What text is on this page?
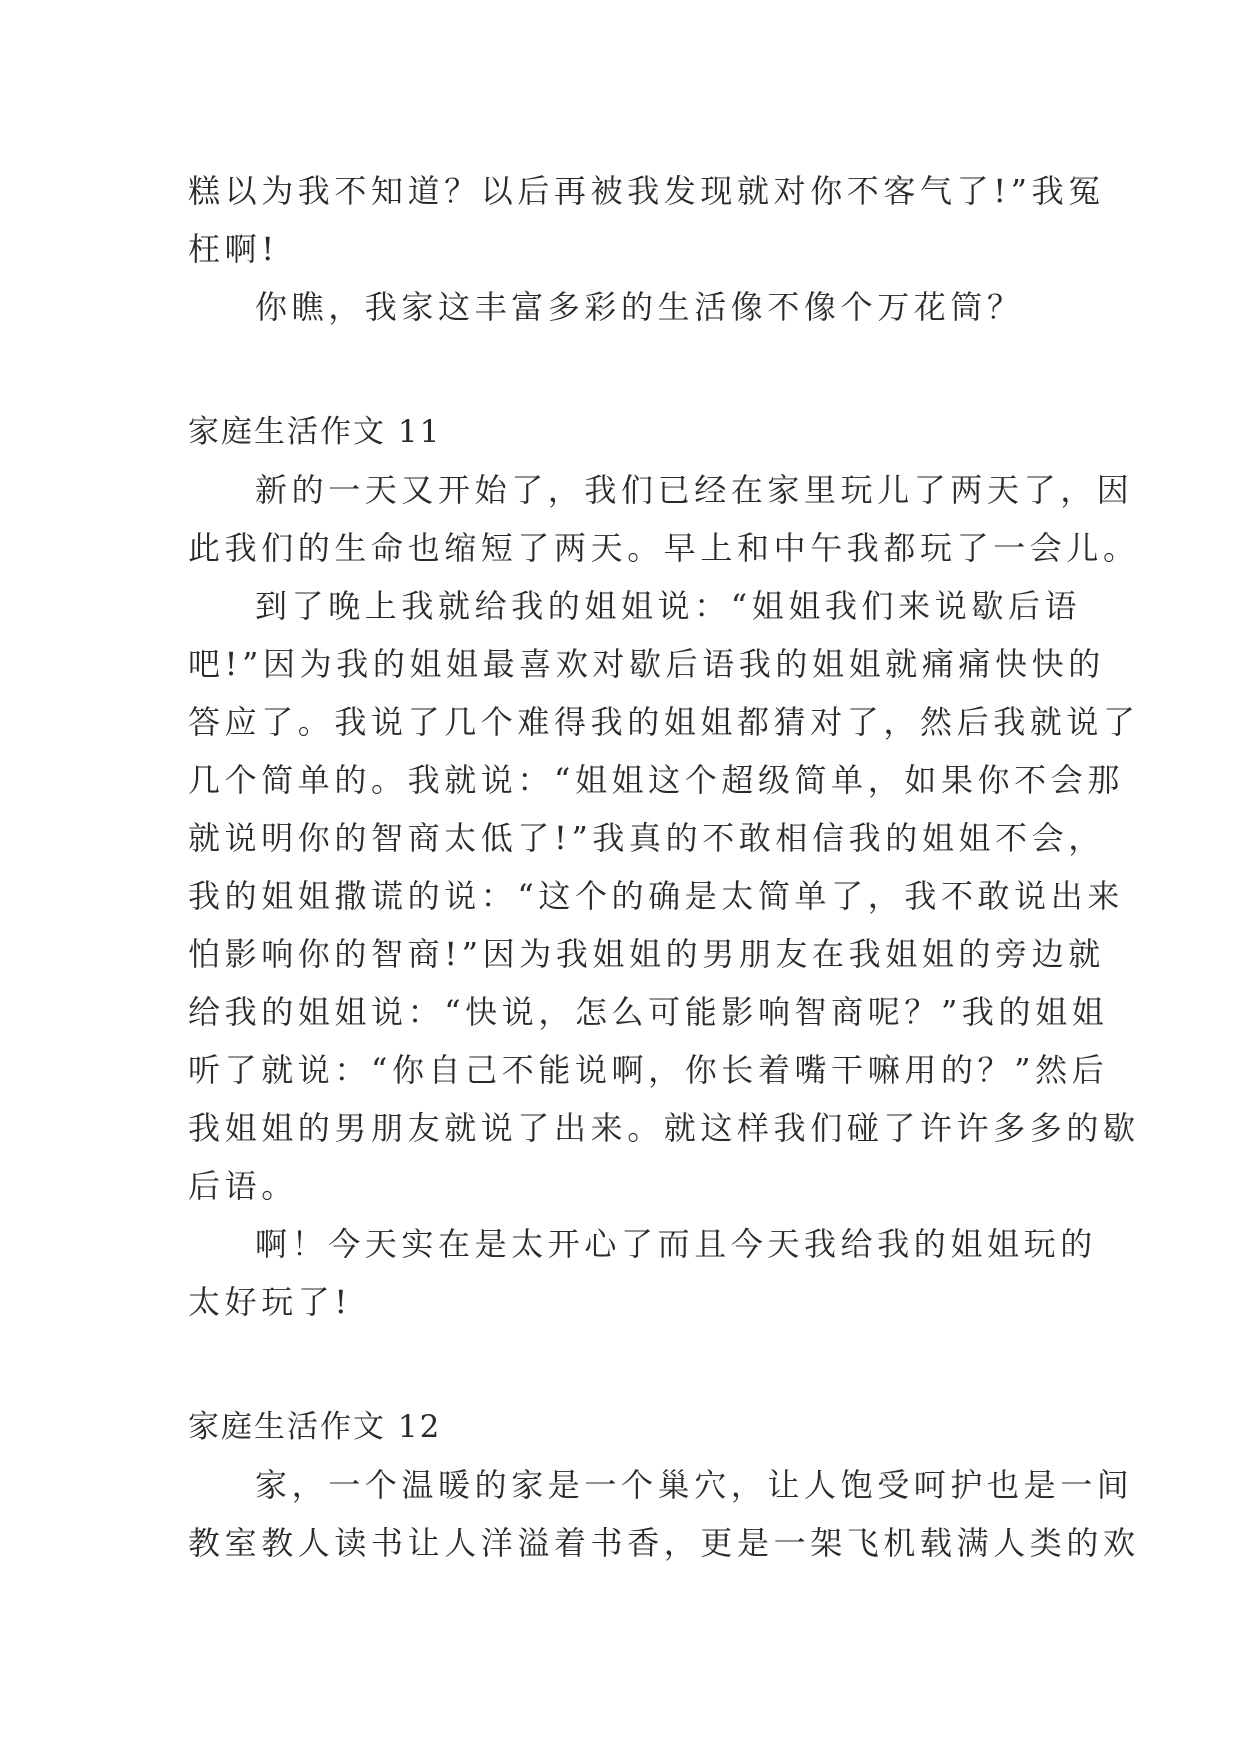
糕以为我不知道？以后再被我发现就对你不客气了!”我冤
枉啊!
你瞧，我家这丰富多彩的生活像不像个万花筒？
家庭生活作文 11
新的一天又开始了，我们已经在家里玩儿了两天了，因
此我们的生命也缩短了两天。早上和中午我都玩了一会儿。
到了晚上我就给我的姐姐说：“姐姐我们来说歇后语
吧!”因为我的姐姐最喜欢对歇后语我的姐姐就痛痛快快的
答应了。我说了几个难得我的姐姐都猜对了，然后我就说了
几个简单的。我就说：“姐姐这个超级简单，如果你不会那
就说明你的智商太低了!”我真的不敢相信我的姐姐不会，
我的姐姐撒谎的说：“这个的确是太简单了，我不敢说出来
怕影响你的智商!”因为我姐姐的男朋友在我姐姐的旁边就
给我的姐姐说：“快说，怎么可能影响智商呢？”我的姐姐
听了就说：“你自己不能说啊，你长着嘴干嘛用的？”然后
我姐姐的男朋友就说了出来。就这样我们碰了许许多多的歇
后语。
啊！今天实在是太开心了而且今天我给我的姐姐玩的
太好玩了!
家庭生活作文 12
家，一个温暖的家是一个巢穴，让人饱受呵护也是一间
教室教人读书让人洋溢着书香，更是一架飞机载满人类的欢
